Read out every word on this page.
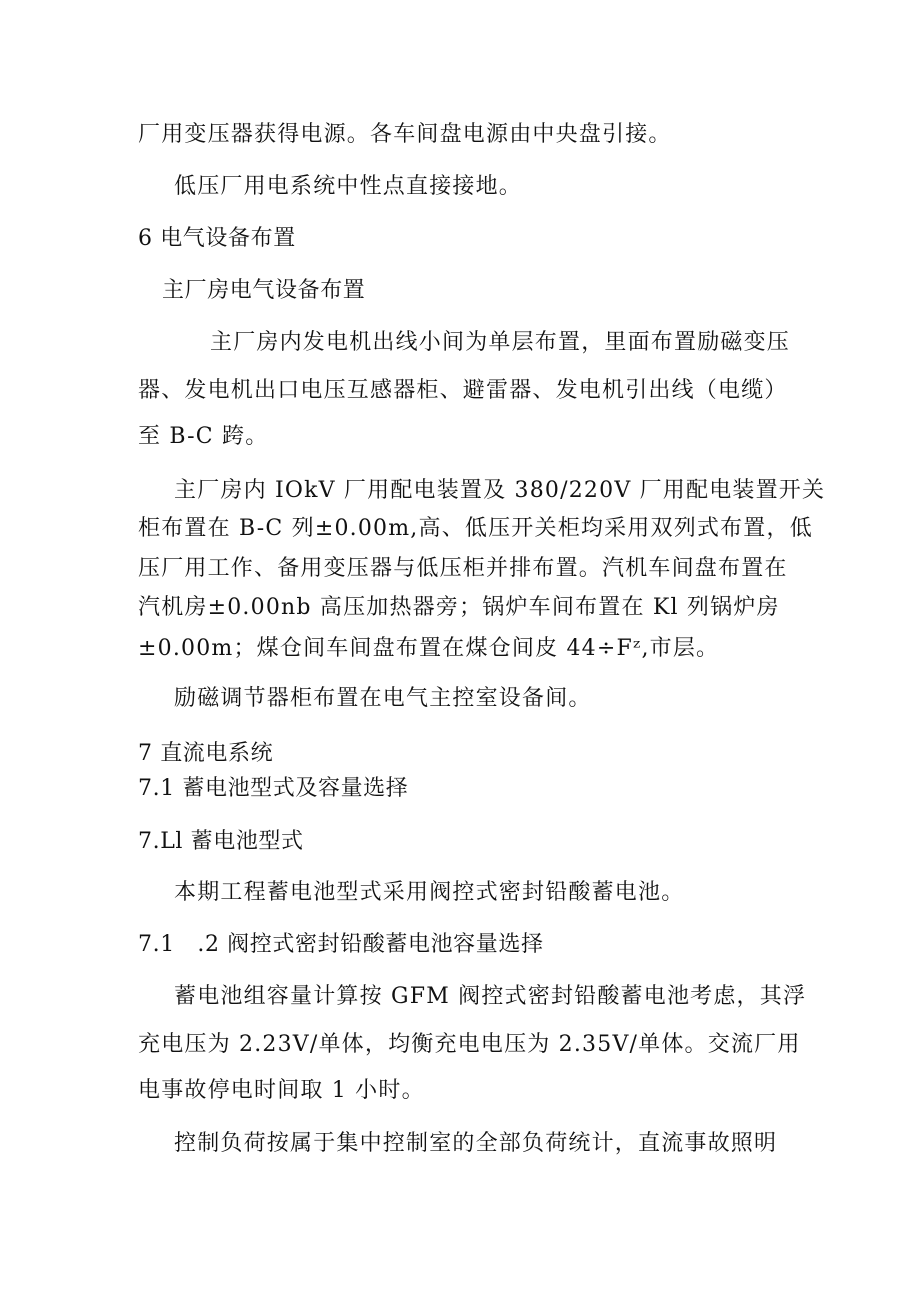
厂用变压器获得电源。各车间盘电源由中央盘引接。
低压厂用电系统中性点直接接地。
6 电气设备布置
主厂房电气设备布置
主厂房内发电机出线小间为单层布置，里面布置励磁变压
器、发电机出口电压互感器柜、避雷器、发电机引出线（电缆）
至 B-C 跨。
主厂房内 IOkV 厂用配电装置及 380/220V 厂用配电装置开关
柜布置在 B-C 列±0.00m,高、低压开关柜均采用双列式布置，低
压厂用工作、备用变压器与低压柜并排布置。汽机车间盘布置在
汽机房±0.00nb 高压加热器旁；锅炉车间布置在 Kl 列锅炉房
±0.00m；煤仓间车间盘布置在煤仓间皮 44÷Fᶻ,市层。
励磁调节器柜布置在电气主控室设备间。
7 直流电系统
7.1 蓄电池型式及容量选择
7.Ll 蓄电池型式
本期工程蓄电池型式采用阀控式密封铅酸蓄电池。
7.1　.2 阀控式密封铅酸蓄电池容量选择
蓄电池组容量计算按 GFM 阀控式密封铅酸蓄电池考虑，其浮
充电压为 2.23V/单体，均衡充电电压为 2.35V/单体。交流厂用
电事故停电时间取 1 小时。
控制负荷按属于集中控制室的全部负荷统计，直流事故照明
